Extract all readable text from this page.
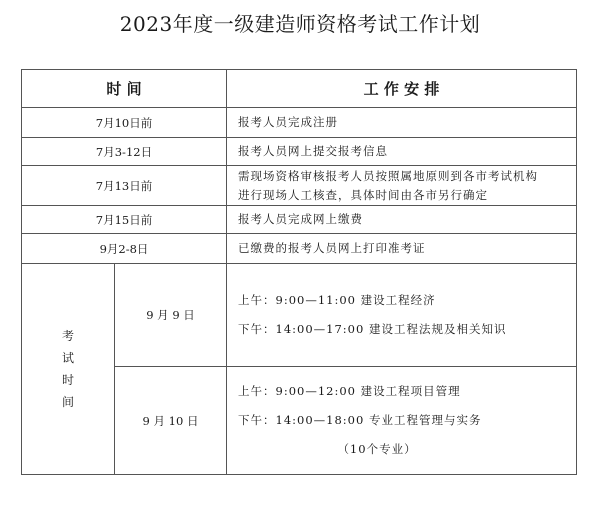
2023年度一级建造师资格考试工作计划
时 间		工 作 安 排
7月10日前		报考人员完成注册
7月3-12日		报考人员网上提交报考信息
7月13日前		需现场资格审核报考人员按照属地原则到各市考试机构
进行现场人工核查，具体时间由各市另行确定

7月15日前		报考人员完成网上缴费
9月2-8日		已缴费的报考人员网上打印准考证

考
试
时
间	9 月 9 日	上午：9:00—11:00 建设工程经济
下午：14:00—17:00 建设工程法规及相关知识

	9 月 10 日	上午：9:00—12:00 建设工程项目管理
下午：14:00—18:00 专业工程管理与实务
（10个专业）
